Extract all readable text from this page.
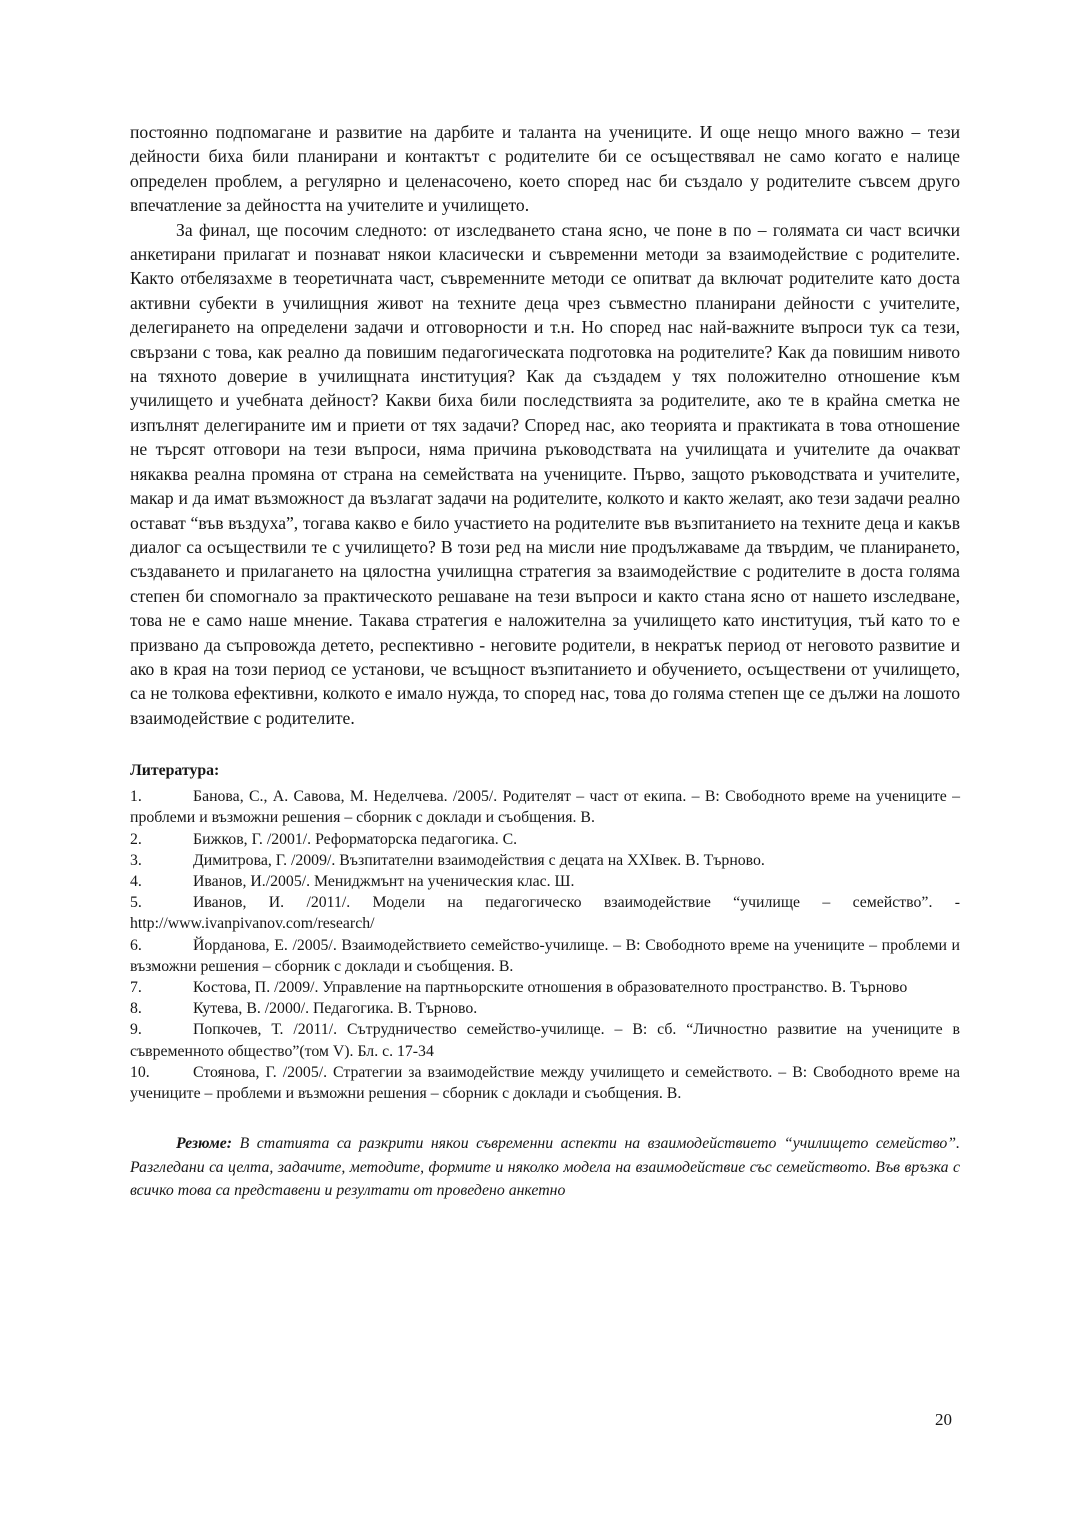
постоянно подпомагане и развитие на дарбите и таланта на учениците. И още нещо много важно – тези дейности биха били планирани и контактът с родителите би се осъществявал не само когато е налице определен проблем, а регулярно и целенасочено, което според нас би създало у родителите съвсем друго впечатление за дейността на учителите и училището.

За финал, ще посочим следното: от изследването стана ясно, че поне в по – голямата си част всички анкетирани прилагат и познават някои класически и съвременни методи за взаимодействие с родителите. Както отбелязахме в теоретичната част, съвременните методи се опитват да включат родителите като доста активни субекти в училищния живот на техните деца чрез съвместно планирани дейности с учителите, делегирането на определени задачи и отговорности и т.н. Но според нас най-важните въпроси тук са тези, свързани с това, как реално да повишим педагогическата подготовка на родителите? Как да повишим нивото на тяхното доверие в училищната институция? Как да създадем у тях положително отношение към училището и учебната дейност? Какви биха били последствията за родителите, ако те в крайна сметка не изпълнят делегираните им и приети от тях задачи? Според нас, ако теорията и практиката в това отношение не търсят отговори на тези въпроси, няма причина ръководствата на училищата и учителите да очакват някаква реална промяна от страна на семействата на учениците. Първо, защото ръководствата и учителите, макар и да имат възможност да възлагат задачи на родителите, колкото и както желаят, ако тези задачи реално остават “във въздуха”, тогава какво е било участието на родителите във възпитанието на техните деца и какъв диалог са осъществили те с училището? В този ред на мисли ние продължаваме да твърдим, че планирането, създаването и прилагането на цялостна училищна стратегия за взаимодействие с родителите в доста голяма степен би спомогнало за практическото решаване на тези въпроси и както стана ясно от нашето изследване, това не е само наше мнение. Такава стратегия е наложителна за училището като институция, тъй като то е призвано да съпровожда детето, респективно - неговите родители, в некратък период от неговото развитие и ако в края на този период се установи, че всъщност възпитанието и обучението, осъществени от училището, са не толкова ефективни, колкото е имало нужда, то според нас, това до голяма степен ще се дължи на лошото взаимодействие с родителите.

Литература:

1.	Банова, С., А. Савова, М. Неделчева. /2005/. Родителят – част от екипа. – В: Свободното време на учениците – проблеми и възможни решения – сборник с доклади и съобщения. В.
2.	Бижков, Г. /2001/. Реформаторска педагогика. С.
3.	Димитрова, Г. /2009/. Възпитателни взаимодействия с децата на XXIвек. В. Търново.
4.	Иванов, И./2005/. Мениджмънт на ученическия клас. Ш.
5.	Иванов, И. /2011/. Модели на педагогическо взаимодействие “училище – семейство”. - http://www.ivanpivanov.com/research/
6.	Йорданова, Е. /2005/. Взаимодействието семейство-училище. – В: Свободното време на учениците – проблеми и възможни решения – сборник с доклади и съобщения. В.
7.	Костова, П. /2009/. Управление на партньорските отношения в образователното пространство. В. Търново
8.	Кутева, В. /2000/. Педагогика. В. Търново.
9.	Попкочев, Т. /2011/. Сътрудничество семейство-училище. – В: сб. “Личностно развитие на учениците в съвременното общество”(том V). Бл. с. 17-34
10.	Стоянова, Г. /2005/. Стратегии за взаимодействие между училището и семейството. – В: Свободното време на учениците – проблеми и възможни решения – сборник с доклади и съобщения. В.

Резюме: В статията са разкрити някои съвременни аспекти на взаимодействието “училището семейство”. Разгледани са целта, задачите, методите, формите и няколко модела на взаимодействие със семейството. Във връзка с всичко това са представени и резултати от проведено анкетно

20
